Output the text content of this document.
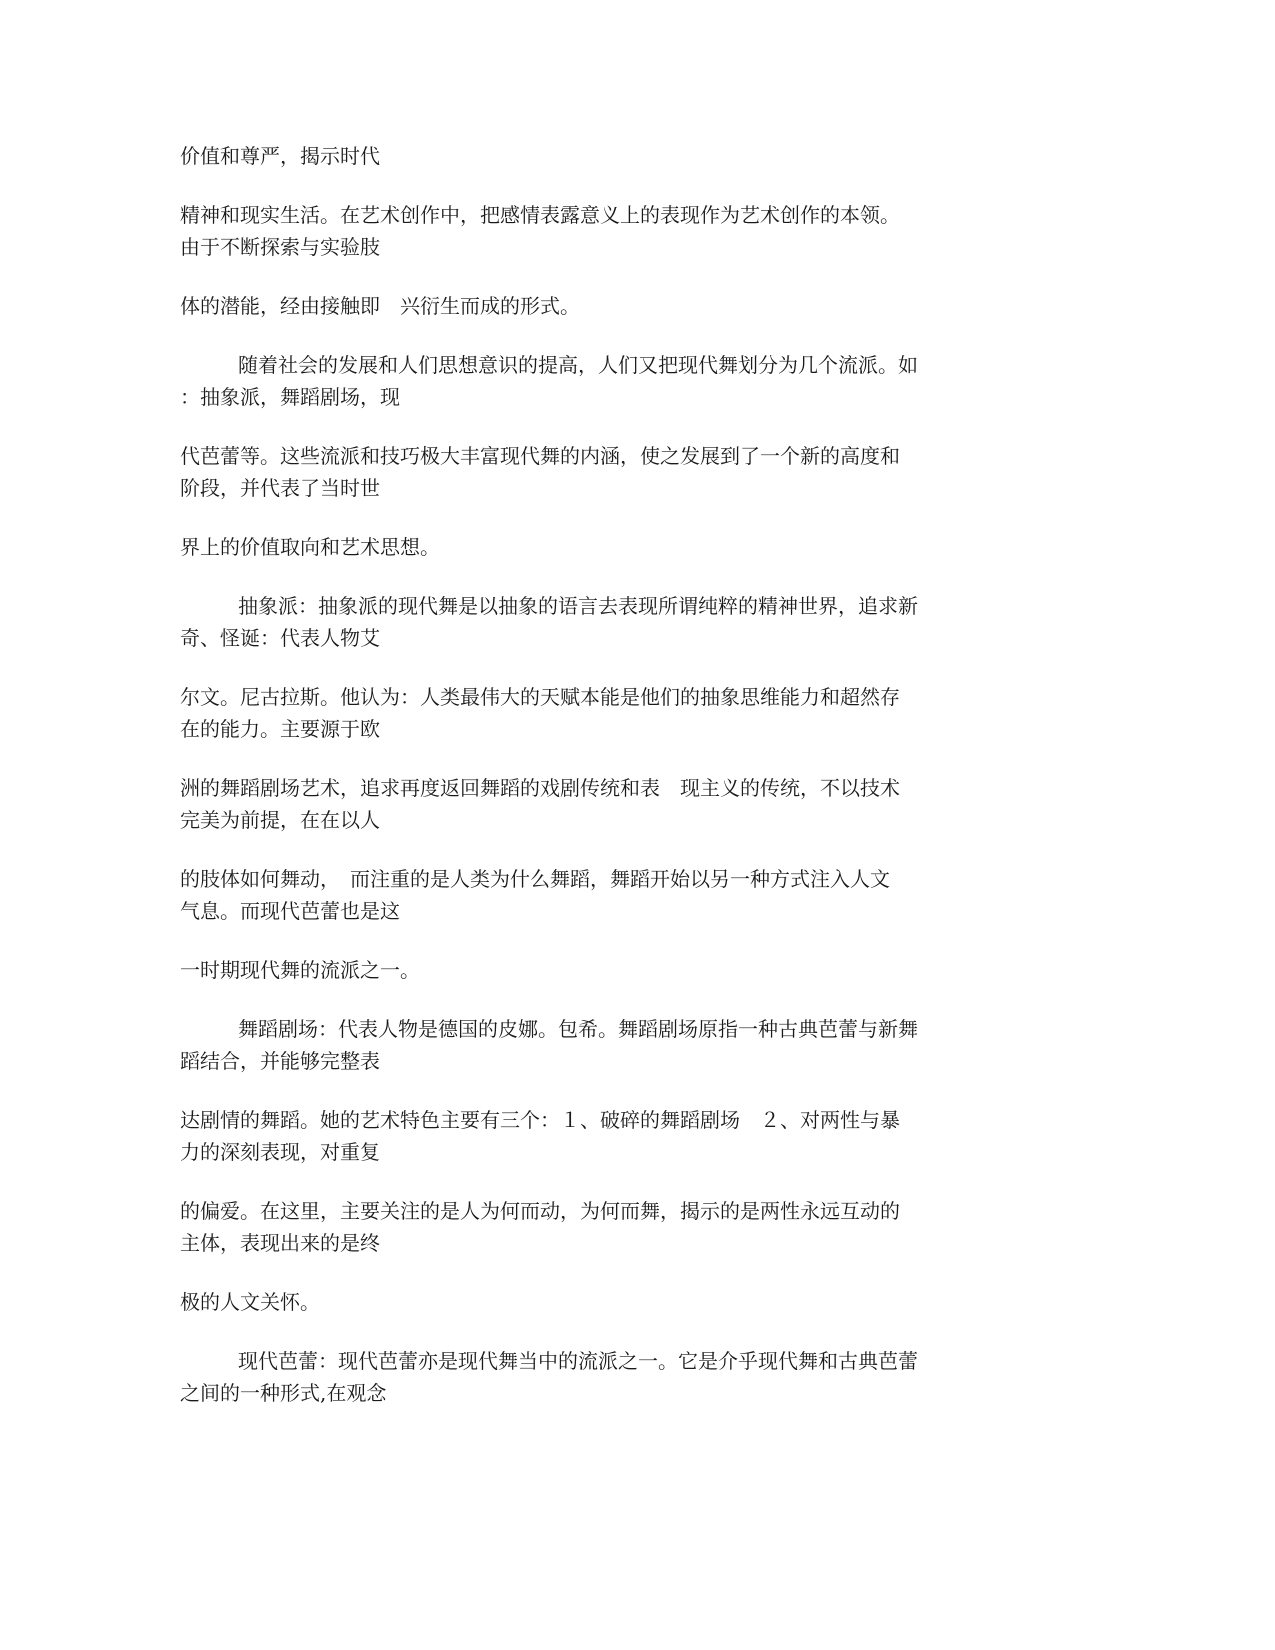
价值和尊严，揭示时代

精神和现实生活。在艺术创作中，把感情表露意义上的表现作为艺术创作的本领。
由于不断探索与实验肢

体的潜能，经由接触即　兴衍生而成的形式。

随着社会的发展和人们思想意识的提高，人们又把现代舞划分为几个流派。如
：抽象派，舞蹈剧场，现

代芭蕾等。这些流派和技巧极大丰富现代舞的内涵，使之发展到了一个新的高度和
阶段，并代表了当时世

界上的价值取向和艺术思想。

抽象派：抽象派的现代舞是以抽象的语言去表现所谓纯粹的精神世界，追求新
奇、怪诞：代表人物艾

尔文。尼古拉斯。他认为：人类最伟大的天赋本能是他们的抽象思维能力和超然存
在的能力。主要源于欧

洲的舞蹈剧场艺术，追求再度返回舞蹈的戏剧传统和表　现主义的传统，不以技术
完美为前提，在在以人

的肢体如何舞动，　而注重的是人类为什么舞蹈，舞蹈开始以另一种方式注入人文
气息。而现代芭蕾也是这

一时期现代舞的流派之一。

舞蹈剧场：代表人物是德国的皮娜。包希。舞蹈剧场原指一种古典芭蕾与新舞
蹈结合，并能够完整表

达剧情的舞蹈。她的艺术特色主要有三个：１、破碎的舞蹈剧场　２、对两性与暴
力的深刻表现，对重复

的偏爱。在这里，主要关注的是人为何而动，为何而舞，揭示的是两性永远互动的
主体，表现出来的是终

极的人文关怀。

现代芭蕾：现代芭蕾亦是现代舞当中的流派之一。它是介乎现代舞和古典芭蕾
之间的一种形式,在观念
